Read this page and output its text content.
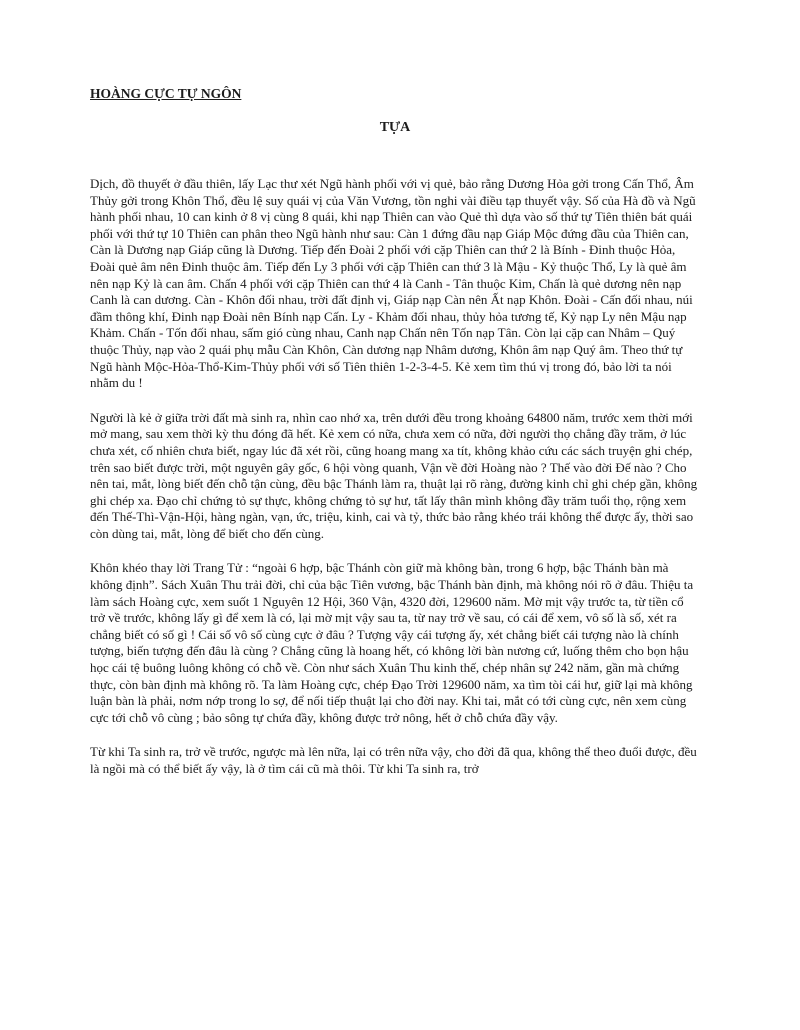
HOÀNG CỰC TỰ NGÔN
TỰA

Dịch, đồ thuyết ở đầu thiên, lấy Lạc thư xét Ngũ hành phối với vị quẻ, bảo rằng Dương Hỏa gởi trong Cấn Thổ, Âm Thủy gởi trong Khôn Thổ, đều lệ suy quái vị của Văn Vương, tồn nghi vài điều tạp thuyết vậy. Số của Hà đồ và Ngũ hành phối nhau, 10 can kinh ở 8 vị cùng 8 quái, khi nạp Thiên can vào Quẻ thì dựa vào số thứ tự Tiên thiên bát quái phối với thứ tự 10 Thiên can phân theo Ngũ hành như sau: Càn 1 đứng đầu nạp Giáp Mộc đứng đầu của Thiên can, Càn là Dương nạp Giáp cũng là Dương. Tiếp đến Đoài 2 phối với cặp Thiên can thứ 2 là Bính - Đinh thuộc Hỏa, Đoài quẻ âm nên Đinh thuộc âm. Tiếp đến Ly 3 phối với cặp Thiên can thứ 3 là Mậu - Kỷ thuộc Thổ, Ly là quẻ âm nên nạp Kỷ là can âm. Chấn 4 phối với cặp Thiên can thứ 4 là Canh - Tân thuộc Kim, Chấn là quẻ dương nên nạp Canh là can dương. Càn - Khôn đối nhau, trời đất định vị, Giáp nạp Càn nên Ất nạp Khôn. Đoài - Cấn đối nhau, núi đầm thông khí, Đinh nạp Đoài nên Bính nạp Cấn. Ly - Khảm đối nhau, thủy hỏa tương tế, Kỷ nạp Ly nên Mậu nạp Khảm. Chấn - Tốn đối nhau, sấm gió cùng nhau, Canh nạp Chấn nên Tốn nạp Tân. Còn lại cặp can Nhâm – Quý thuộc Thủy, nạp vào 2 quái phụ mẫu Càn Khôn, Càn dương nạp Nhâm dương, Khôn âm nạp Quý âm. Theo thứ tự Ngũ hành Mộc-Hỏa-Thổ-Kim-Thủy phối với số Tiên thiên 1-2-3-4-5. Kẻ xem tìm thú vị trong đó, bảo lời ta nói nhằm du !

Người là kẻ ở giữa trời đất mà sinh ra, nhìn cao nhớ xa, trên dưới đều trong khoảng 64800 năm, trước xem thời mới mở mang, sau xem thời kỳ thu đóng đã hết. Kẻ xem có nữa, chưa xem có nữa, đời người thọ chẳng đầy trăm, ở lúc chưa xét, cố nhiên chưa biết, ngay lúc đã xét rồi, cũng hoang mang xa tít, không khảo cứu các sách truyện ghi chép, trên sao biết được trời, một nguyên gây gốc, 6 hội vòng quanh, Vận về đời Hoàng nào ? Thế vào đời Đế nào ? Cho nên tai, mắt, lòng biết đến chỗ tận cùng, đều bậc Thánh làm ra, thuật lại rõ ràng, đường kinh chỉ ghi chép gần, không ghi chép xa. Đạo chỉ chứng tỏ sự thực, không chứng tỏ sự hư, tất lấy thân mình không đầy trăm tuổi thọ, rộng xem đến Thế-Thì-Vận-Hội, hàng ngàn, vạn, ức, triệu, kinh, cai và tỷ, thức bảo rằng khéo trái không thể được ấy, thời sao còn dùng tai, mắt, lòng để biết cho đến cùng.

Khôn khéo thay lời Trang Tử : “ngoài 6 hợp, bậc Thánh còn giữ mà không bàn, trong 6 hợp, bậc Thánh bàn mà không định”. Sách Xuân Thu trải đời, chỉ của bậc Tiên vương, bậc Thánh bàn định, mà không nói rõ ở đâu. Thiệu ta làm sách Hoàng cực, xem suốt 1 Nguyên 12 Hội, 360 Vận, 4320 đời, 129600 năm. Mờ mịt vậy trước ta, từ tiền cổ trở về trước, không lấy gì để xem là có, lại mờ mịt vậy sau ta, từ nay trở về sau, có cái để xem, vô số là số, xét ra chẳng biết có số gì ! Cái số vô số cùng cực ở đâu ? Tượng vậy cái tượng ấy, xét chẳng biết cái tượng nào là chính tượng, biến tượng đến đâu là cùng ? Chẳng cũng là hoang hết, có không lời bàn nương cứ, luống thêm cho bọn hậu học cái tệ buông luông không có chỗ về. Còn như sách Xuân Thu kinh thế, chép nhân sự 242 năm, gần mà chứng thực, còn bàn định mà không rõ. Ta làm Hoàng cực, chép Đạo Trời 129600 năm, xa tìm tòi cái hư, giữ lại mà không luận bàn là phải, nơm nớp trong lo sợ, để nối tiếp thuật lại cho đời nay. Khi tai, mắt có tới cùng cực, nên xem cùng cực tới chỗ vô cùng ; bảo sông tự chứa đầy, không được trở nông, hết ở chỗ chứa đầy vậy.

Từ khi Ta sinh ra, trở về trước, ngược mà lên nữa, lại có trên nữa vậy, cho đời đã qua, không thể theo đuổi được, đều là ngồi mà có thể biết ấy vậy, là ở tìm cái cũ mà thôi. Từ khi Ta sinh ra, trở
